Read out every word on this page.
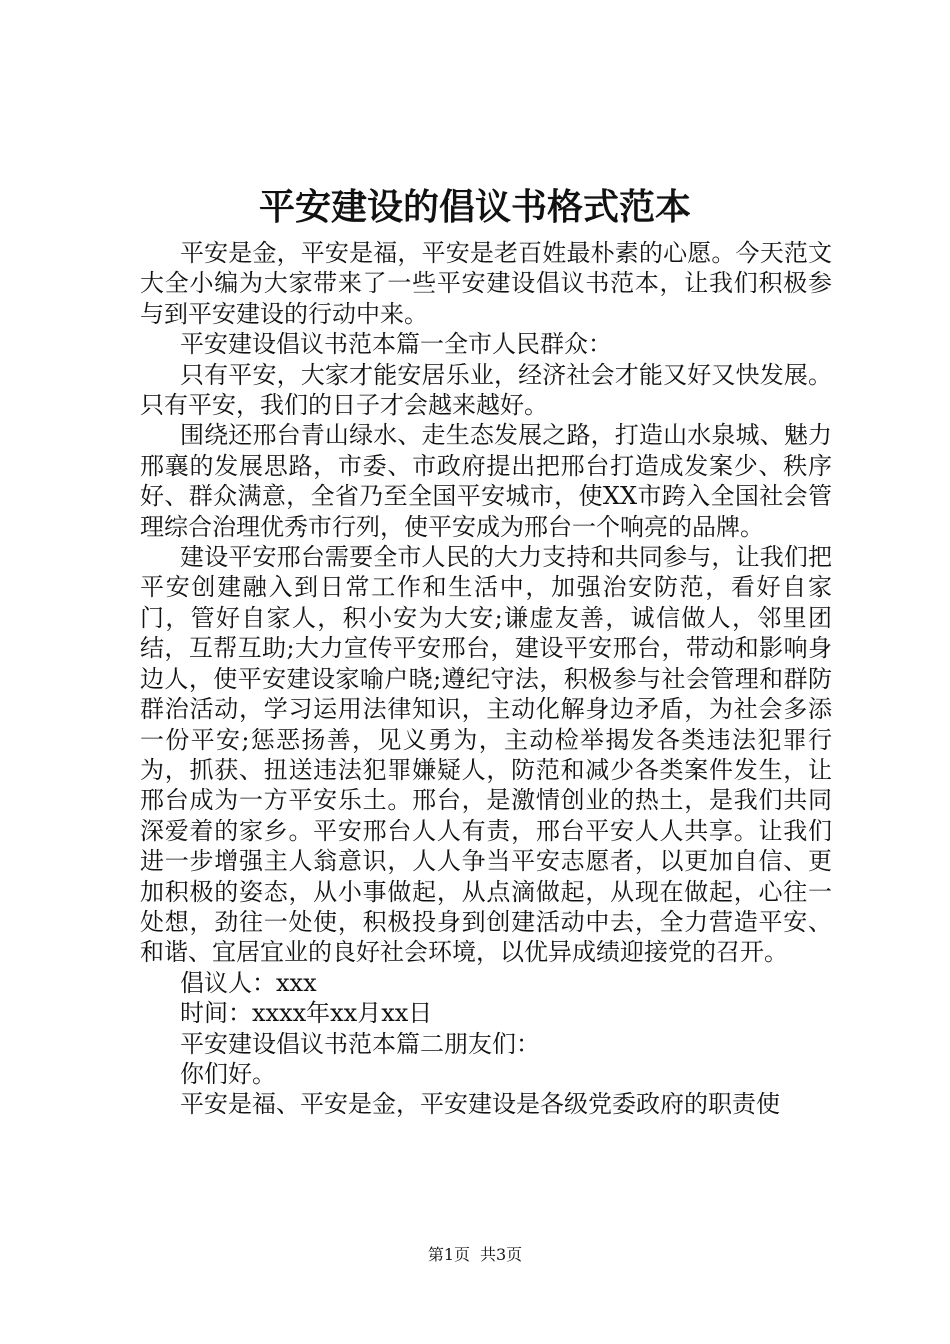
平安建设的倡议书格式范本

平安是金，平安是福，平安是老百姓最朴素的心愿。今天范文大全小编为大家带来了一些平安建设倡议书范本，让我们积极参与到平安建设的行动中来。

平安建设倡议书范本篇一全市人民群众：

只有平安，大家才能安居乐业，经济社会才能又好又快发展。只有平安，我们的日子才会越来越好。

围绕还邢台青山绿水、走生态发展之路，打造山水泉城、魅力邢襄的发展思路，市委、市政府提出把邢台打造成发案少、秩序好、群众满意，全省乃至全国平安城市，使XX市跨入全国社会管理综合治理优秀市行列，使平安成为邢台一个响亮的品牌。

建设平安邢台需要全市人民的大力支持和共同参与，让我们把平安创建融入到日常工作和生活中，加强治安防范，看好自家门，管好自家人，积小安为大安;谦虚友善，诚信做人，邻里团结，互帮互助;大力宣传平安邢台，建设平安邢台，带动和影响身边人，使平安建设家喻户晓;遵纪守法，积极参与社会管理和群防群治活动，学习运用法律知识，主动化解身边矛盾，为社会多添一份平安;惩恶扬善，见义勇为，主动检举揭发各类违法犯罪行为，抓获、扭送违法犯罪嫌疑人，防范和减少各类案件发生，让邢台成为一方平安乐土。邢台，是激情创业的热土，是我们共同深爱着的家乡。平安邢台人人有责，邢台平安人人共享。让我们进一步增强主人翁意识，人人争当平安志愿者，以更加自信、更加积极的姿态，从小事做起，从点滴做起，从现在做起，心往一处想，劲往一处使，积极投身到创建活动中去，全力营造平安、和谐、宜居宜业的良好社会环境，以优异成绩迎接党的召开。

倡议人：xxx

时间：xxxx年xx月xx日

平安建设倡议书范本篇二朋友们：

你们好。

平安是福、平安是金，平安建设是各级党委政府的职责使

第1页 共3页
